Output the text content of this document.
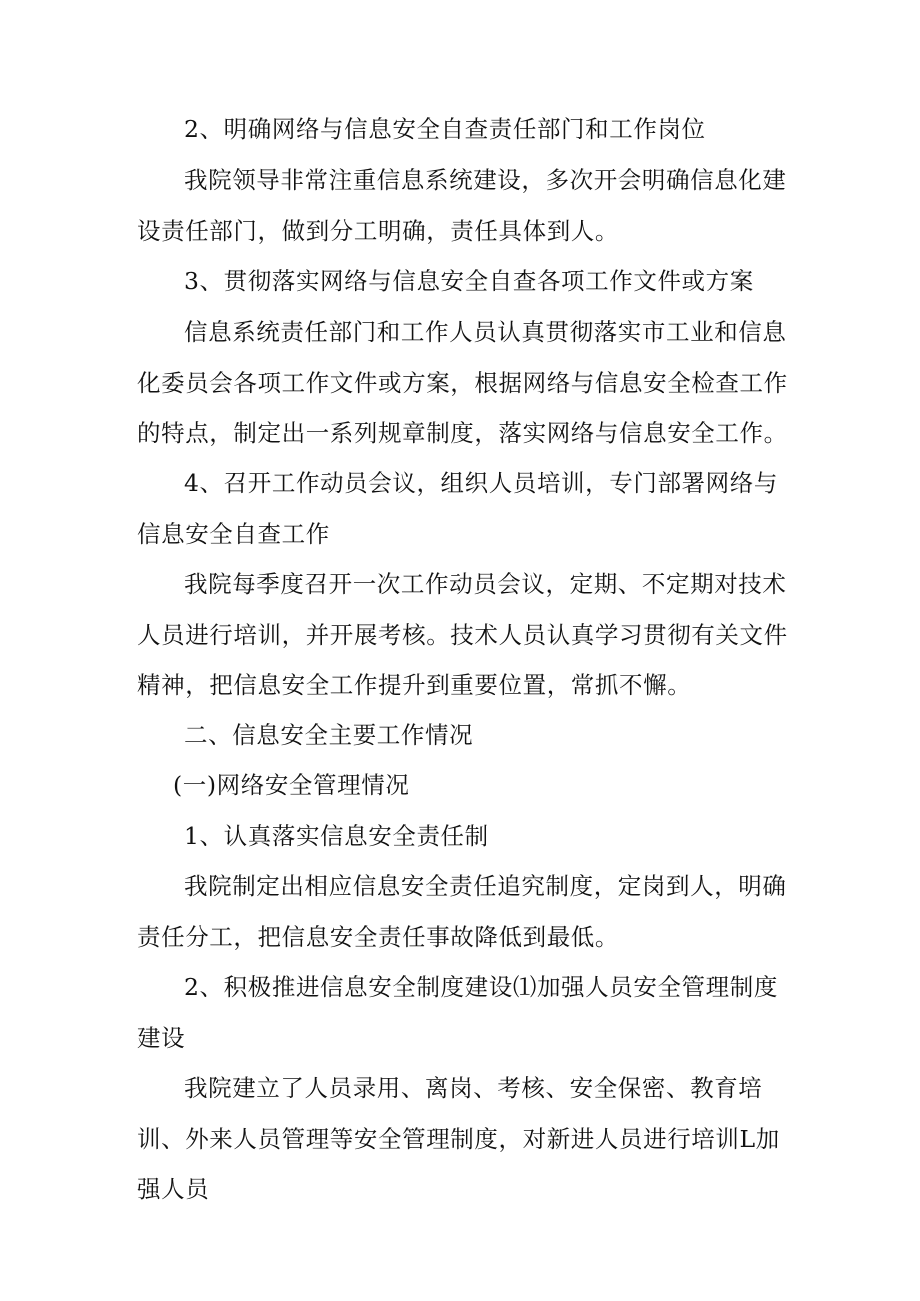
2、明确网络与信息安全自查责任部门和工作岗位

我院领导非常注重信息系统建设，多次开会明确信息化建设责任部门，做到分工明确，责任具体到人。

3、贯彻落实网络与信息安全自查各项工作文件或方案

信息系统责任部门和工作人员认真贯彻落实市工业和信息化委员会各项工作文件或方案，根据网络与信息安全检查工作的特点，制定出一系列规章制度，落实网络与信息安全工作。

4、召开工作动员会议，组织人员培训，专门部署网络与信息安全自查工作

我院每季度召开一次工作动员会议，定期、不定期对技术人员进行培训，并开展考核。技术人员认真学习贯彻有关文件精神，把信息安全工作提升到重要位置，常抓不懈。

二、信息安全主要工作情况

(一)网络安全管理情况

1、认真落实信息安全责任制

我院制定出相应信息安全责任追究制度，定岗到人，明确责任分工，把信息安全责任事故降低到最低。

2、积极推进信息安全制度建设⑴加强人员安全管理制度建设

我院建立了人员录用、离岗、考核、安全保密、教育培训、外来人员管理等安全管理制度，对新进人员进行培训L加强人员
